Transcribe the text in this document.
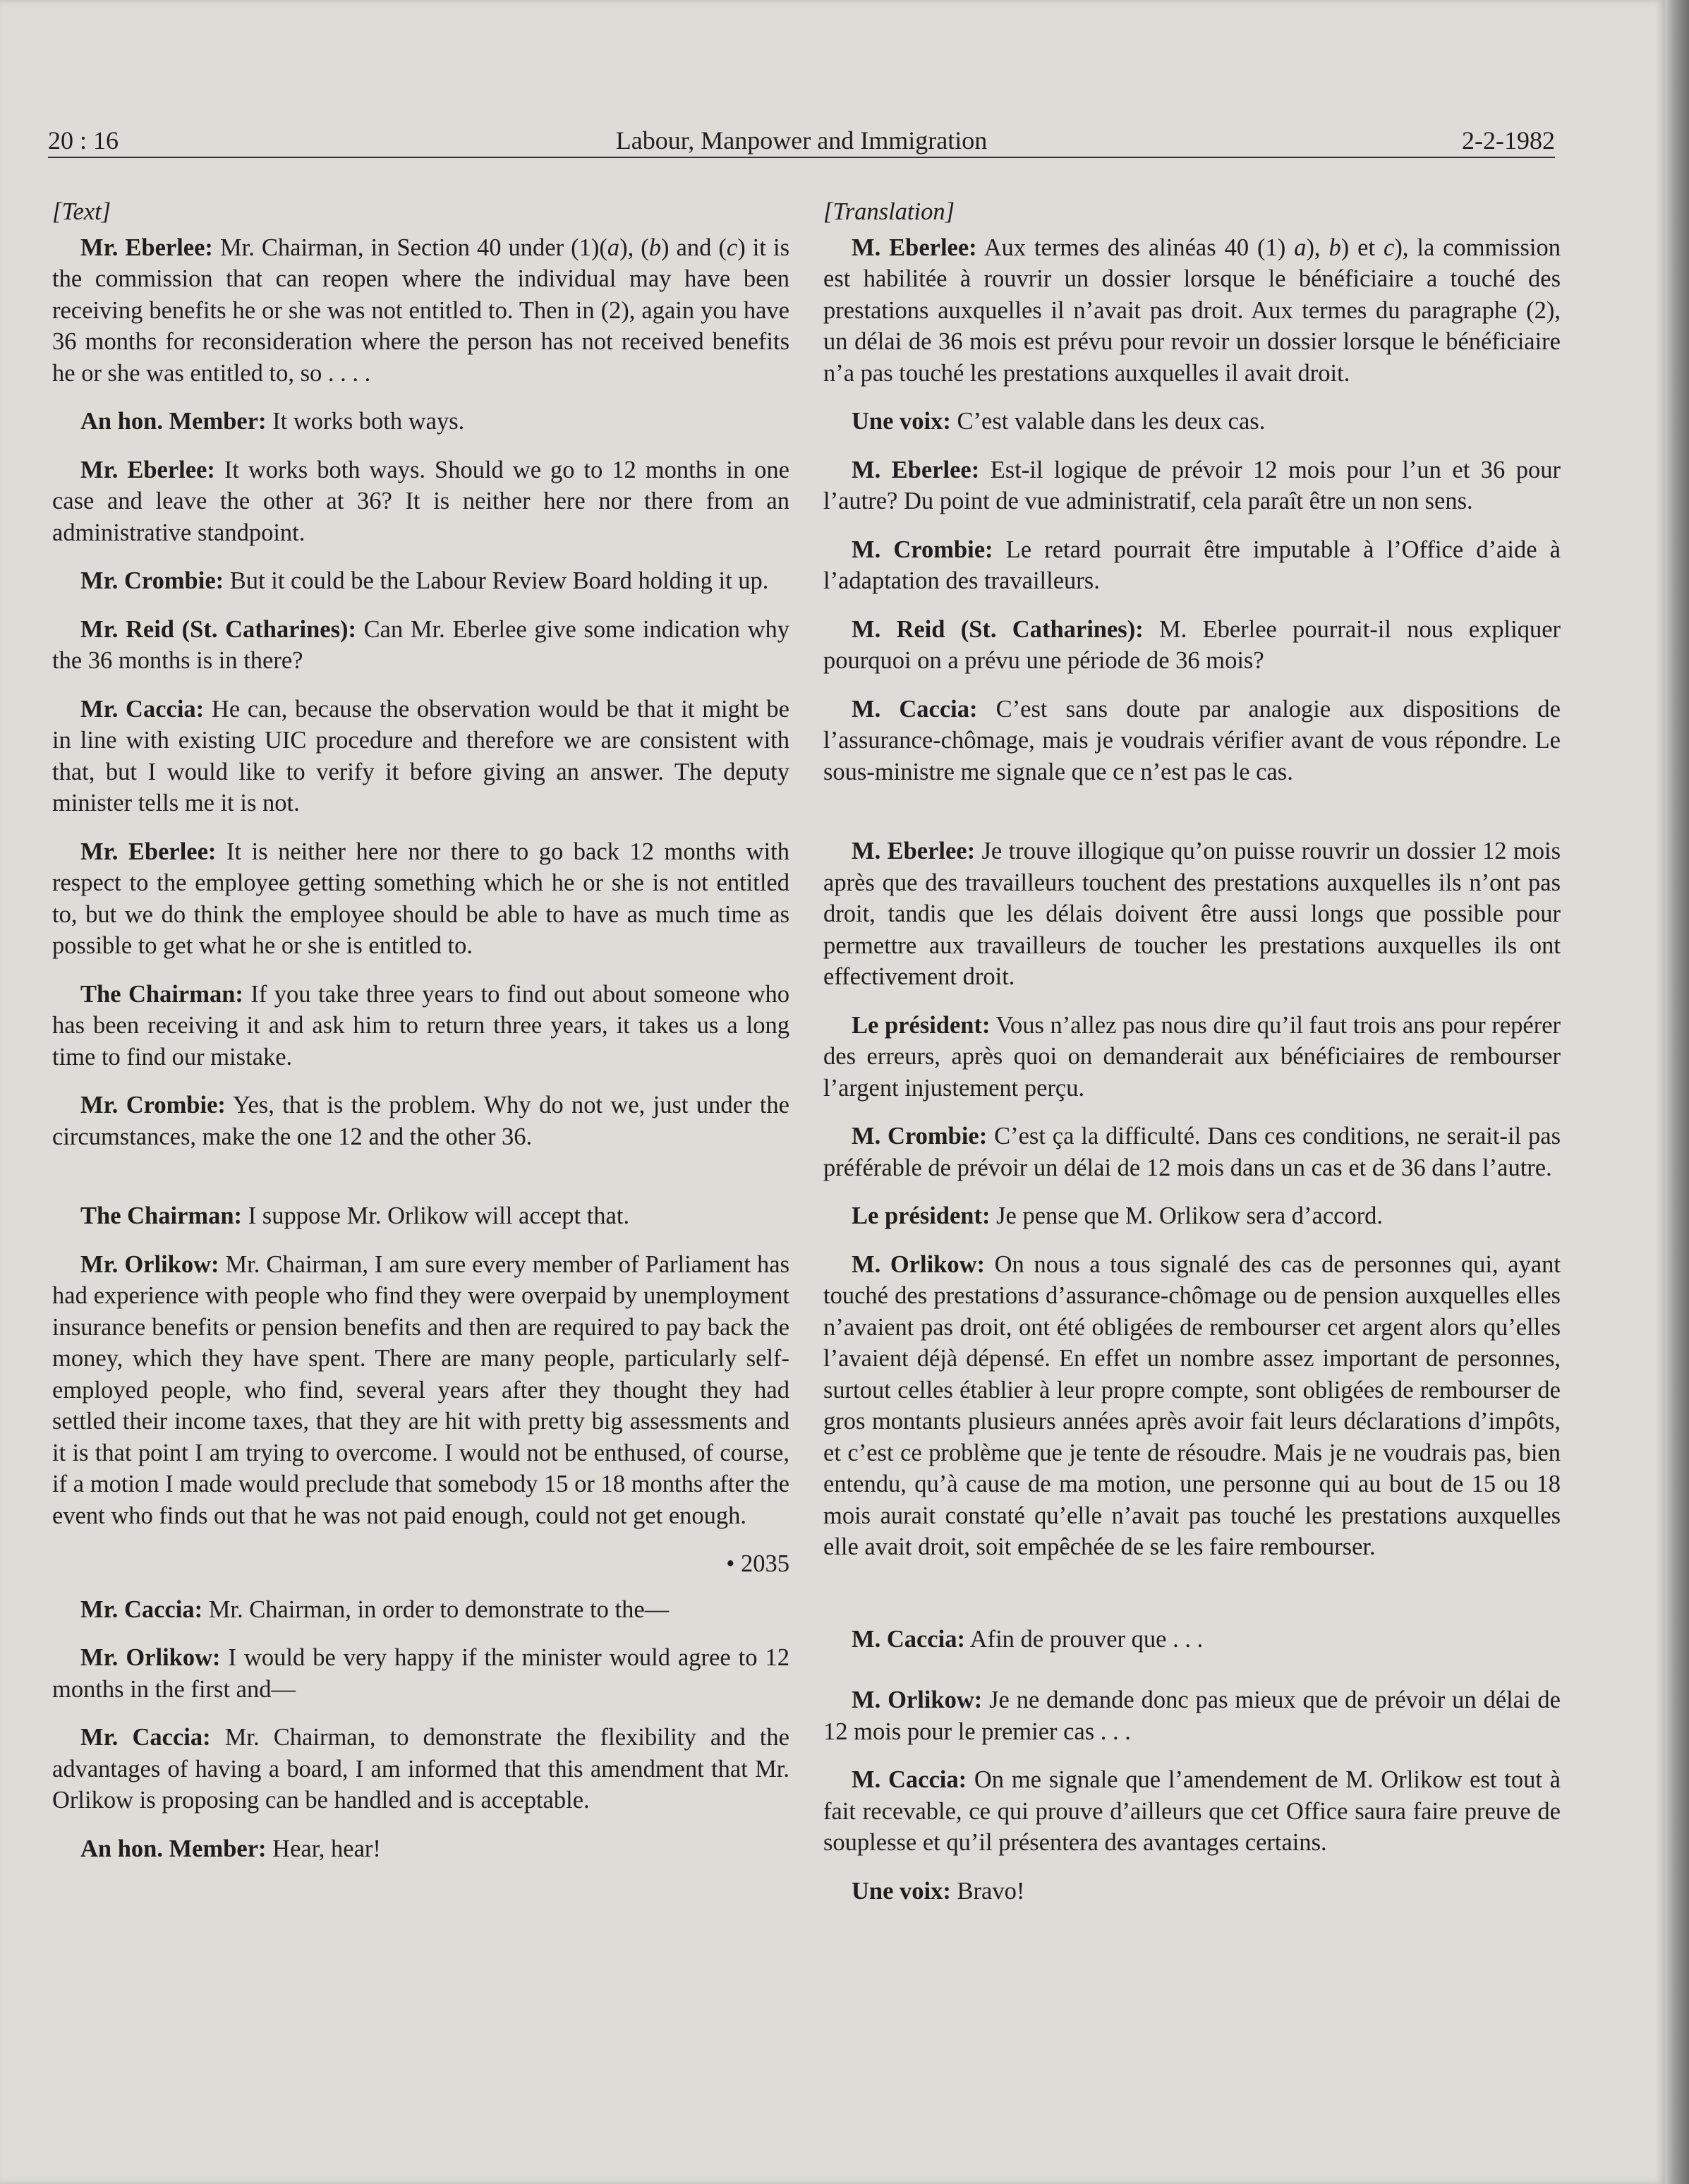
20 : 16	Labour, Manpower and Immigration	2-2-1982
[Text]

Mr. Eberlee: Mr. Chairman, in Section 40 under (1)(a), (b) and (c) it is the commission that can reopen where the individual may have been receiving benefits he or she was not entitled to. Then in (2), again you have 36 months for reconsideration where the person has not received benefits he or she was entitled to, so . . . .

An hon. Member: It works both ways.

Mr. Eberlee: It works both ways. Should we go to 12 months in one case and leave the other at 36? It is neither here nor there from an administrative standpoint.

Mr. Crombie: But it could be the Labour Review Board holding it up.

Mr. Reid (St. Catharines): Can Mr. Eberlee give some indication why the 36 months is in there?

Mr. Caccia: He can, because the observation would be that it might be in line with existing UIC procedure and therefore we are consistent with that, but I would like to verify it before giving an answer. The deputy minister tells me it is not.

Mr. Eberlee: It is neither here nor there to go back 12 months with respect to the employee getting something which he or she is not entitled to, but we do think the employee should be able to have as much time as possible to get what he or she is entitled to.

The Chairman: If you take three years to find out about someone who has been receiving it and ask him to return three years, it takes us a long time to find our mistake.

Mr. Crombie: Yes, that is the problem. Why do not we, just under the circumstances, make the one 12 and the other 36.

The Chairman: I suppose Mr. Orlikow will accept that.

Mr. Orlikow: Mr. Chairman, I am sure every member of Parliament has had experience with people who find they were overpaid by unemployment insurance benefits or pension benefits and then are required to pay back the money, which they have spent. There are many people, particularly self-employed people, who find, several years after they thought they had settled their income taxes, that they are hit with pretty big assessments and it is that point I am trying to overcome. I would not be enthused, of course, if a motion I made would preclude that somebody 15 or 18 months after the event who finds out that he was not paid enough, could not get enough.

• 2035

Mr. Caccia: Mr. Chairman, in order to demonstrate to the—

Mr. Orlikow: I would be very happy if the minister would agree to 12 months in the first and—

Mr. Caccia: Mr. Chairman, to demonstrate the flexibility and the advantages of having a board, I am informed that this amendment that Mr. Orlikow is proposing can be handled and is acceptable.

An hon. Member: Hear, hear!

[Translation]

M. Eberlee: Aux termes des alinéas 40 (1) a), b) et c), la commission est habilitée à rouvrir un dossier lorsque le bénéficiaire a touché des prestations auxquelles il n’avait pas droit. Aux termes du paragraphe (2), un délai de 36 mois est prévu pour revoir un dossier lorsque le bénéficiaire n’a pas touché les prestations auxquelles il avait droit.

Une voix: C’est valable dans les deux cas.

M. Eberlee: Est-il logique de prévoir 12 mois pour l’un et 36 pour l’autre? Du point de vue administratif, cela paraît être un non sens.

M. Crombie: Le retard pourrait être imputable à l’Office d’aide à l’adaptation des travailleurs.

M. Reid (St. Catharines): M. Eberlee pourrait-il nous expliquer pourquoi on a prévu une période de 36 mois?

M. Caccia: C’est sans doute par analogie aux dispositions de l’assurance-chômage, mais je voudrais vérifier avant de vous répondre. Le sous-ministre me signale que ce n’est pas le cas.

M. Eberlee: Je trouve illogique qu’on puisse rouvrir un dossier 12 mois après que des travailleurs touchent des prestations auxquelles ils n’ont pas droit, tandis que les délais doivent être aussi longs que possible pour permettre aux travailleurs de toucher les prestations auxquelles ils ont effectivement droit.

Le président: Vous n’allez pas nous dire qu’il faut trois ans pour repérer des erreurs, après quoi on demanderait aux bénéficiaires de rembourser l’argent injustement perçu.

M. Crombie: C’est ça la difficulté. Dans ces conditions, ne serait-il pas préférable de prévoir un délai de 12 mois dans un cas et de 36 dans l’autre.

Le président: Je pense que M. Orlikow sera d’accord.

M. Orlikow: On nous a tous signalé des cas de personnes qui, ayant touché des prestations d’assurance-chômage ou de pension auxquelles elles n’avaient pas droit, ont été obligées de rembourser cet argent alors qu’elles l’avaient déjà dépensé. En effet un nombre assez important de personnes, surtout celles établier à leur propre compte, sont obligées de rembourser de gros montants plusieurs années après avoir fait leurs déclarations d’impôts, et c’est ce problème que je tente de résoudre. Mais je ne voudrais pas, bien entendu, qu’à cause de ma motion, une personne qui au bout de 15 ou 18 mois aurait constaté qu’elle n’avait pas touché les prestations auxquelles elle avait droit, soit empêchée de se les faire rembourser.

M. Caccia: Afin de prouver que . . .

M. Orlikow: Je ne demande donc pas mieux que de prévoir un délai de 12 mois pour le premier cas . . .

M. Caccia: On me signale que l’amendement de M. Orlikow est tout à fait recevable, ce qui prouve d’ailleurs que cet Office saura faire preuve de souplesse et qu’il présentera des avantages certains.

Une voix: Bravo!
